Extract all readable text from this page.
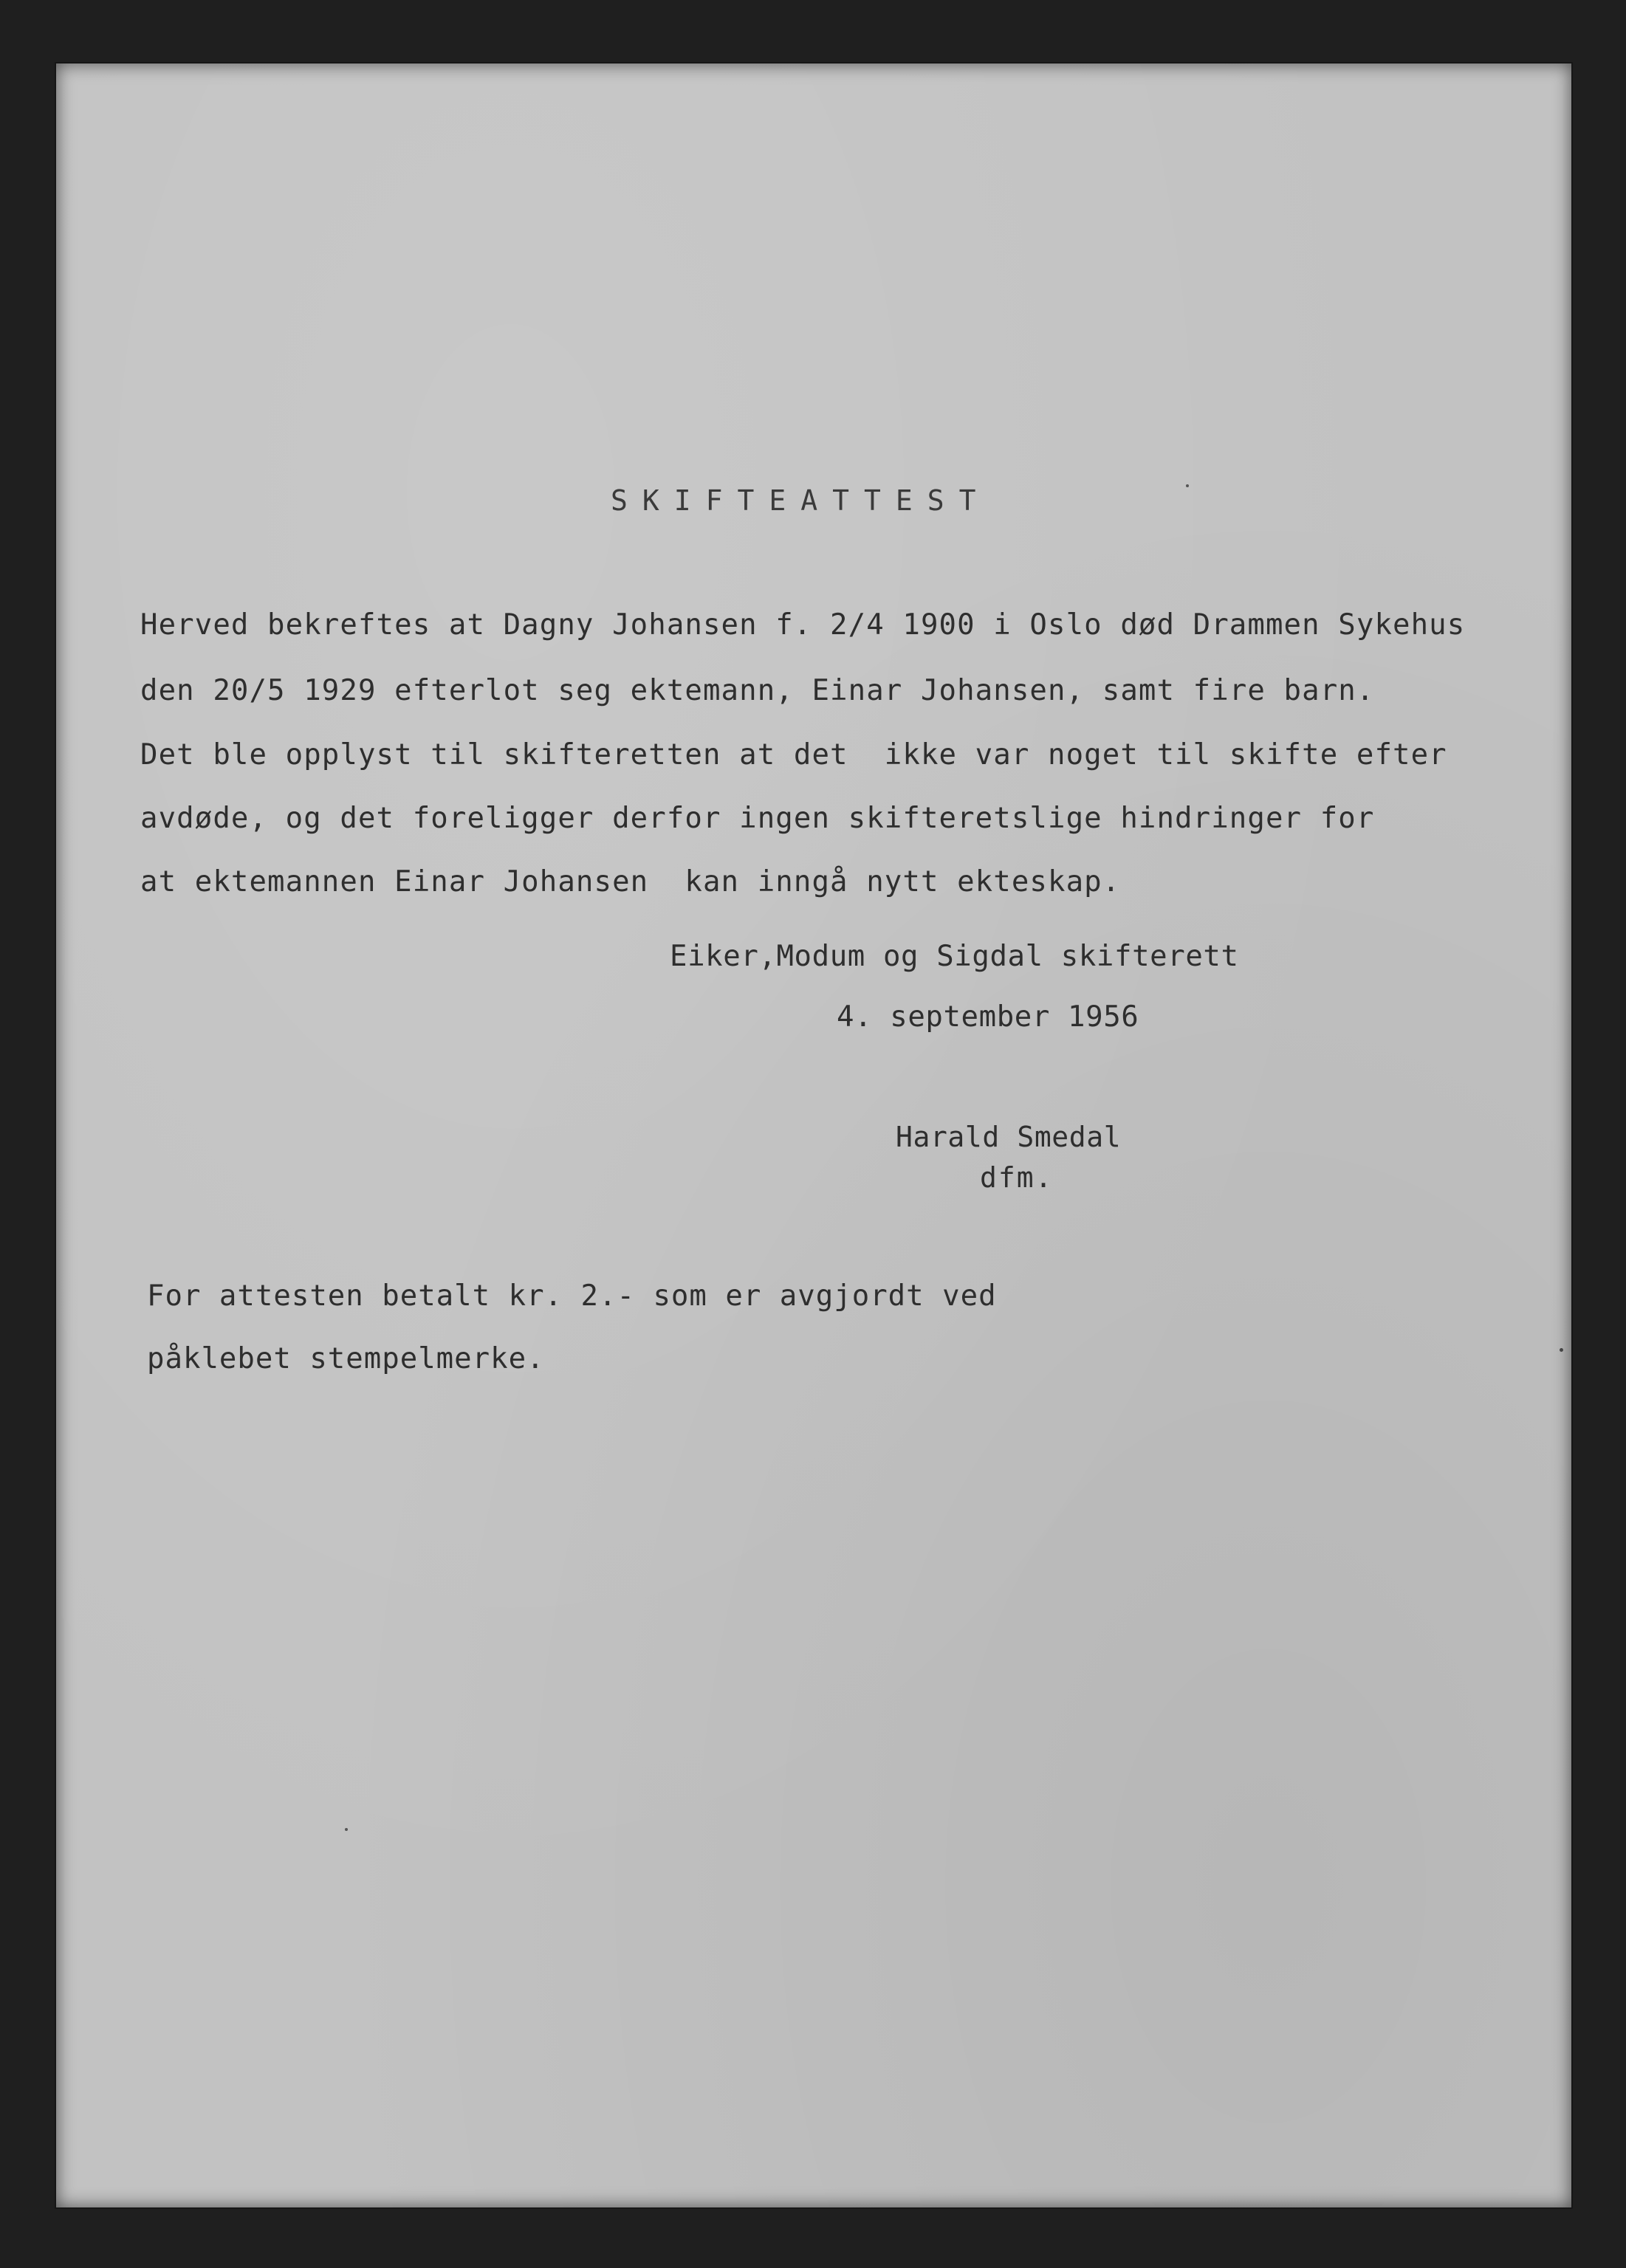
SKIFTEATTEST

Herved bekreftes at Dagny Johansen f. 2/4 1900 i Oslo død Drammen Sykehus

den 20/5 1929 efterlot seg ektemann, Einar Johansen, samt fire barn.

Det ble opplyst til skifteretten at det  ikke var noget til skifte efter

avdøde, og det foreligger derfor ingen skifteretslige hindringer for

at ektemannen Einar Johansen  kan inngå nytt ekteskap.

Eiker,Modum og Sigdal skifterett

4. september 1956

Harald Smedal

dfm.

For attesten betalt kr. 2.- som er avgjordt ved

påklebet stempelmerke.
